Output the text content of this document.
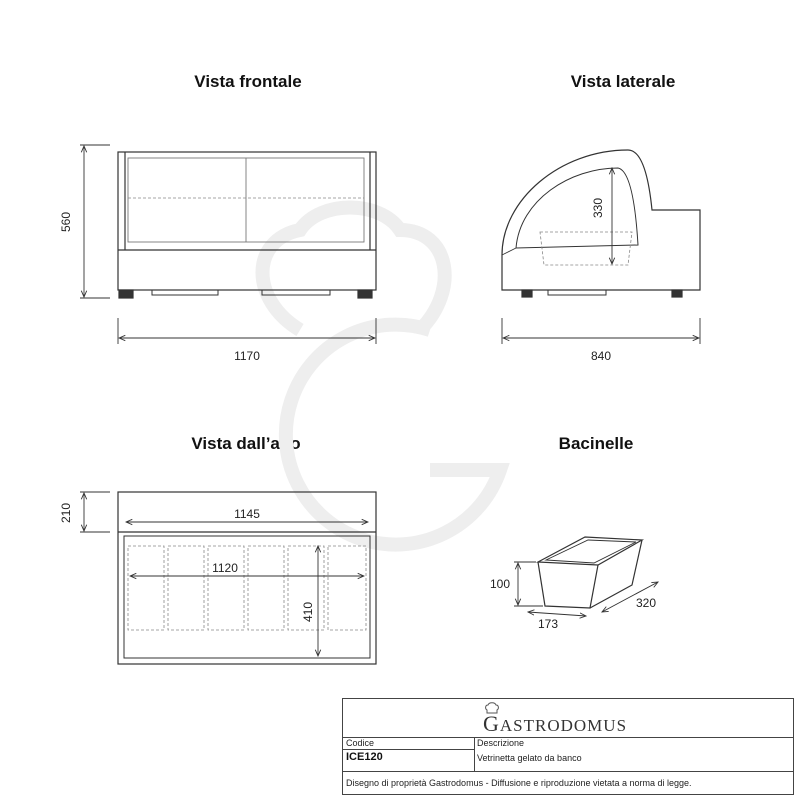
Vista frontale	Vista laterale
Vista dall’alto	Bacinelle
560
1170
330
840
210	1145
1120
410
100
173
320
GASTRODOMUS
Codice
ICE120
Descrizione
Vetrinetta gelato da banco
Disegno di proprietà Gastrodomus - Diffusione e riproduzione vietata a norma di legge.
